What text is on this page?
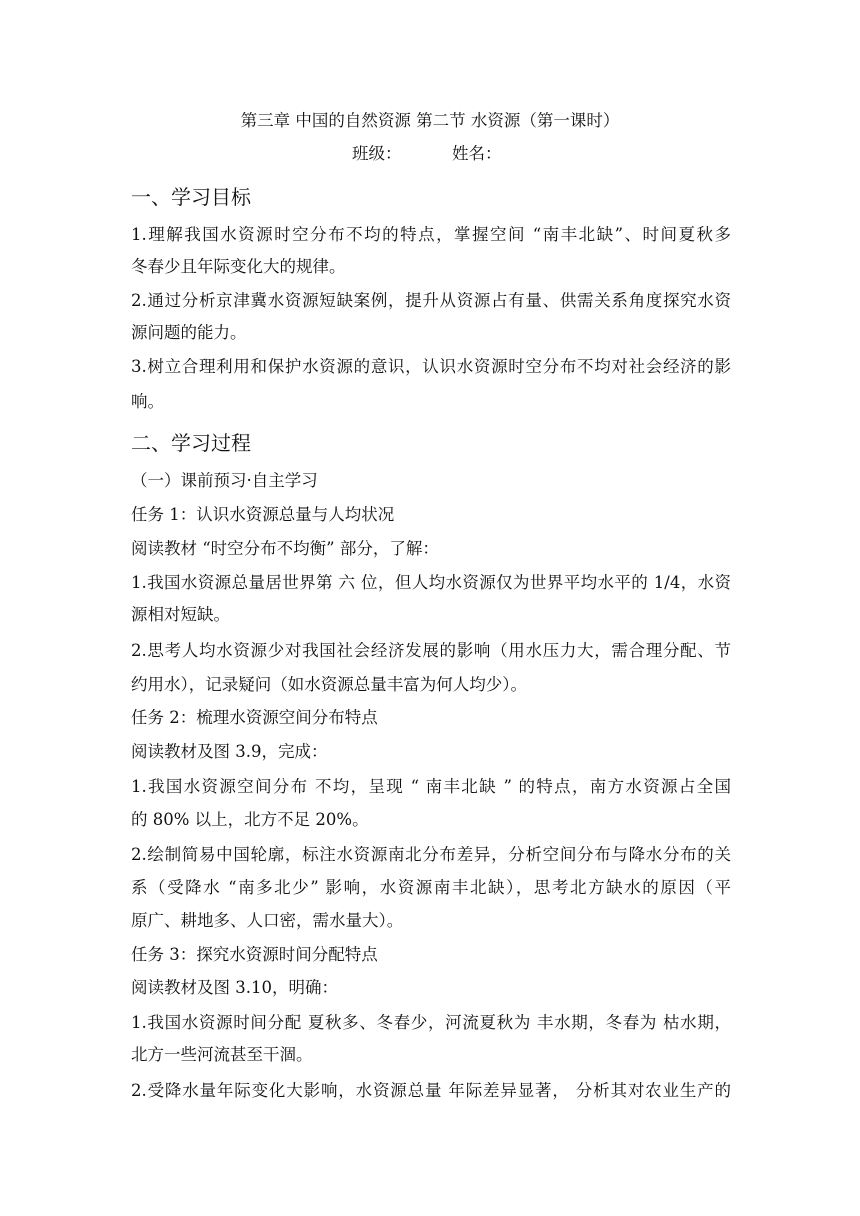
第三章 中国的自然资源 第二节 水资源（第一课时）
班级：	姓名：
一、学习目标
1.理解我国水资源时空分布不均的特点，掌握空间 “南丰北缺”、时间夏秋多
冬春少且年际变化大的规律。
2.通过分析京津冀水资源短缺案例，提升从资源占有量、供需关系角度探究水资
源问题的能力。
3.树立合理利用和保护水资源的意识，认识水资源时空分布不均对社会经济的影
响。
二、学习过程
（一）课前预习·自主学习
任务 1：认识水资源总量与人均状况
阅读教材 “时空分布不均衡” 部分，了解：
1.我国水资源总量居世界第 六 位，但人均水资源仅为世界平均水平的 1/4，水资
源相对短缺。
2.思考人均水资源少对我国社会经济发展的影响（用水压力大，需合理分配、节
约用水），记录疑问（如水资源总量丰富为何人均少）。
任务 2：梳理水资源空间分布特点
阅读教材及图 3.9，完成：
1.我国水资源空间分布 不均，呈现 “ 南丰北缺 ” 的特点，南方水资源占全国
的 80% 以上，北方不足 20%。
2.绘制简易中国轮廓，标注水资源南北分布差异，分析空间分布与降水分布的关
系（受降水 “南多北少” 影响，水资源南丰北缺），思考北方缺水的原因（平
原广、耕地多、人口密，需水量大）。
任务 3：探究水资源时间分配特点
阅读教材及图 3.10，明确：
1.我国水资源时间分配 夏秋多、冬春少，河流夏秋为 丰水期，冬春为 枯水期，
北方一些河流甚至干涸。
2.受降水量年际变化大影响，水资源总量 年际差异显著， 分析其对农业生产的
